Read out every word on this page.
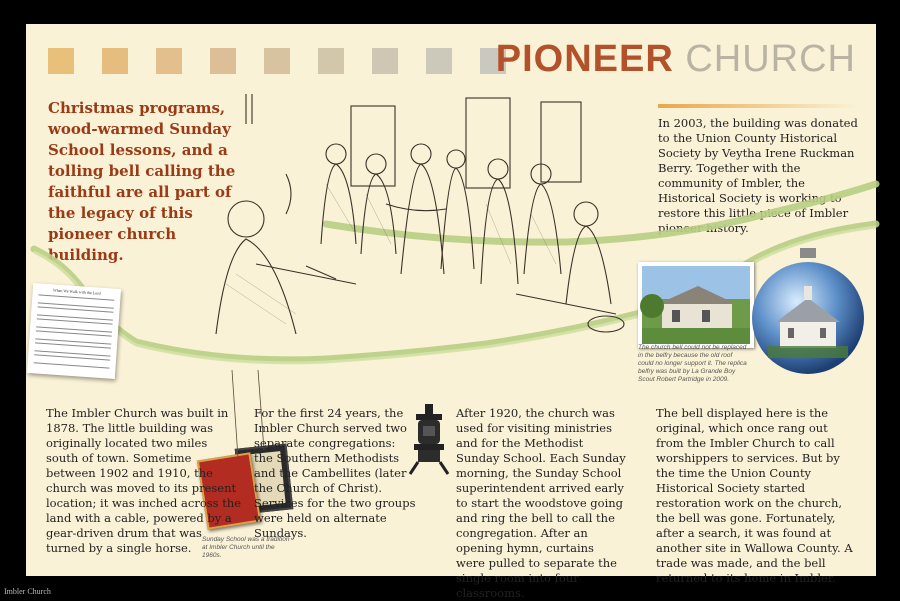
PIONEER CHURCH
Christmas programs, wood-warmed Sunday School lessons, and a tolling bell calling the faithful are all part of the legacy of this pioneer church building.
In 2003, the building was donated to the Union County Historical Society by Veytha Irene Ruckman Berry. Together with the community of Imbler, the Historical Society is working to restore this little piece of Imbler pioneer history.
When We Walk with the Lord
The church bell could not be replaced in the belfry because the old roof could no longer support it. The replica belfry was built by La Grande Boy Scout Robert Partridge in 2009.
Sunday School was a tradition at Imbler Church until the 1960s.
The Imbler Church was built in 1878. The little building was originally located two miles south of town. Sometime between 1902 and 1910, the church was moved to its present location; it was inched across the land with a cable, powered by a gear-driven drum that was turned by a single horse.
For the first 24 years, the Imbler Church served two separate congregations: the Southern Methodists and the Cambellites (later the Church of Christ). Services for the two groups were held on alternate Sundays.
After 1920, the church was used for visiting ministries and for the Methodist Sunday School. Each Sunday morning, the Sunday School superintendent arrived early to start the woodstove going and ring the bell to call the congregation. After an opening hymn, curtains were pulled to separate the single room into four classrooms.
The bell displayed here is the original, which once rang out from the Imbler Church to call worshippers to services. But by the time the Union County Historical Society started restoration work on the church, the bell was gone. Fortunately, after a search, it was found at another site in Wallowa County. A trade was made, and the bell returned to its home in Imbler.
Imbler Church
